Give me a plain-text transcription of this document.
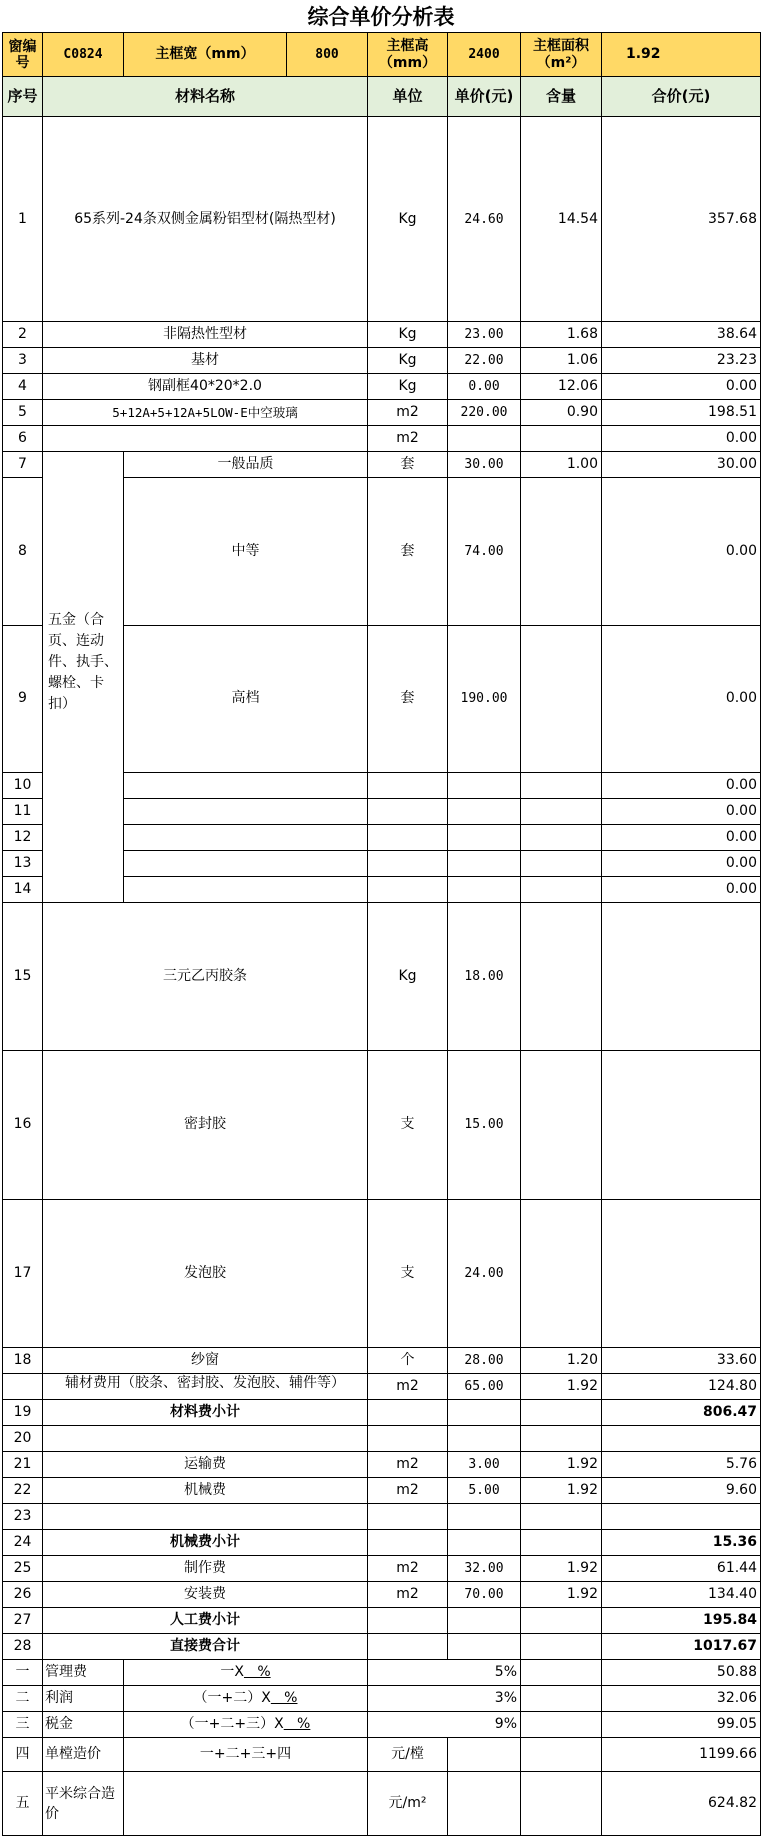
综合单价分析表
窗编号	C0824	主框宽（mm）	800	主框高（mm）	2400	主框面积（m²）	1.92	
序号	材料名称			单位	单价(元)	含量	合价(元)	
1	65系列-24条双侧金属粉铝型材(隔热型材)			Kg	24.60	14.54	357.68	
2	非隔热性型材			Kg	23.00	1.68	38.64	
3	基材			Kg	22.00	1.06	23.23	
4	钢副框40*20*2.0			Kg	0.00	12.06	0.00	
5	5+12A+5+12A+5LOW-E中空玻璃			m2	220.00	0.90	198.51	
6				m2			0.00	
7	五金（合页、连动件、执手、螺栓、卡扣）	一般品质		套	30.00	1.00	30.00	
8		中等		套	74.00		0.00	
9		高档		套	190.00		0.00	
10							0.00	
11							0.00	
12							0.00	
13							0.00	
14							0.00	
15	三元乙丙胶条			Kg	18.00			
16	密封胶			支	15.00			
17	发泡胶			支	24.00			
18	纱窗			个	28.00	1.20	33.60	

	辅材费用（胶条、密封胶、发泡胶、辅件等）			m2	65.00	1.92	124.80	
19	材料费小计						806.47	
20								
21	运输费			m2	3.00	1.92	5.76	
22	机械费			m2	5.00	1.92	9.60	
23								
24	机械费小计						15.36	
25	制作费			m2	32.00	1.92	61.44	
26	安装费			m2	70.00	1.92	134.40	
27	人工费小计						195.84	
28	直接费合计						1017.67	
一	管理费	一X   %		5%			50.88	
二	利润	（一+二）X   %		3%			32.06	
三	税金	（一+二+三）X   %		9%			99.05	
四	单樘造价	一+二+三+四		元/樘			1199.66	
五	平米综合造价			元/m²			624.82	
